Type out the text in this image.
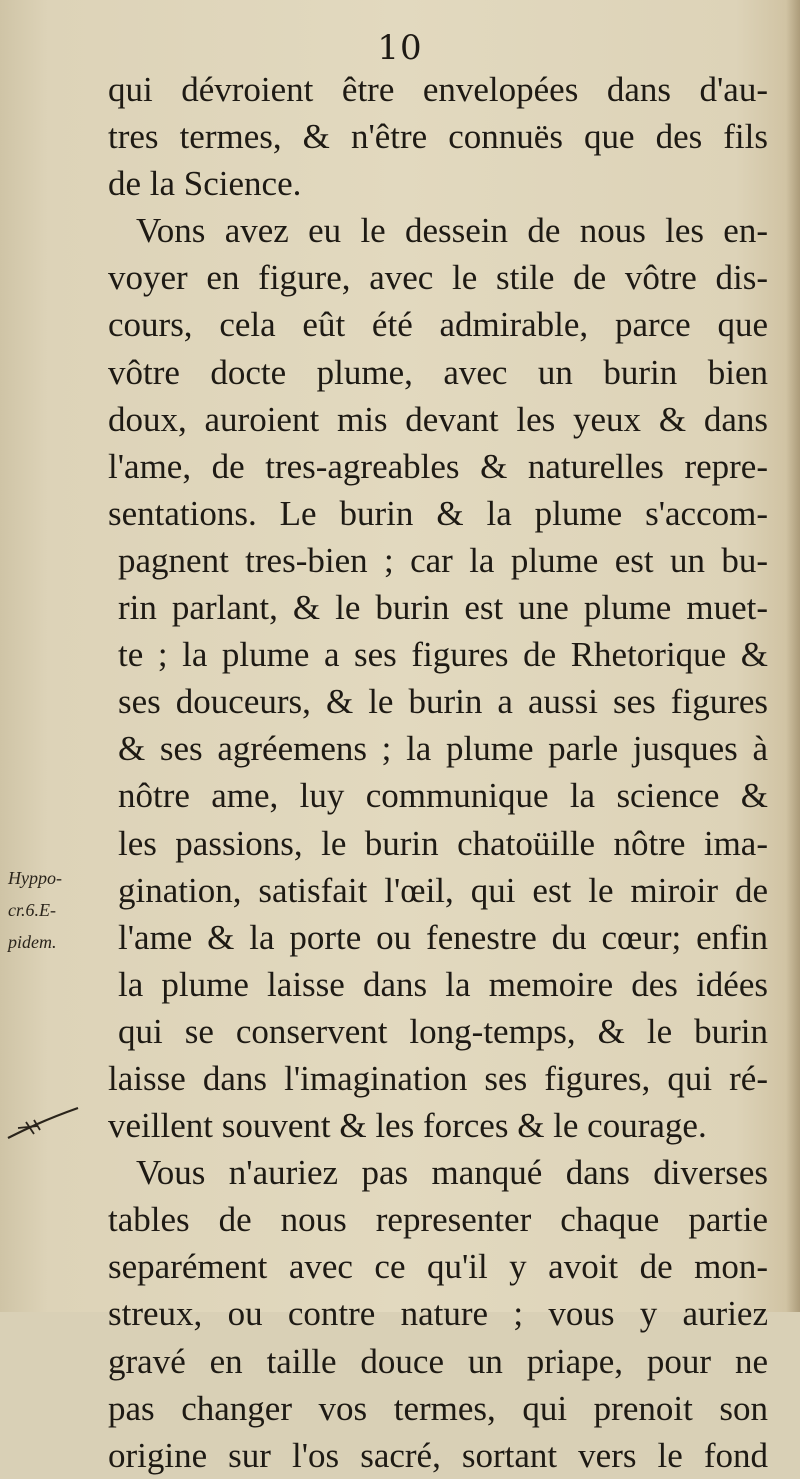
10
qui dévroient être envelopées dans d'au-
tres termes, & n'être connuës que des fils
de la Science.
Vons avez eu le dessein de nous les en-
voyer en figure, avec le stile de vôtre dis-
cours, cela eût été admirable, parce que
vôtre docte plume, avec un burin bien
doux, auroient mis devant les yeux & dans
l'ame, de tres-agreables & naturelles repre-
sentations. Le burin & la plume s'accom-
pagnent tres-bien ; car la plume est un bu-
rin parlant, & le burin est une plume muet-
te ; la plume a ses figures de Rhetorique &
ses douceurs, & le burin a aussi ses figures
& ses agréemens ; la plume parle jusques à
nôtre ame, luy communique la science &
les passions, le burin chatoüille nôtre ima-
gination, satisfait l'œil, qui est le miroir de
l'ame & la porte ou fenestre du cœur; enfin
la plume laisse dans la memoire des idées
qui se conservent long-temps, & le burin
laisse dans l'imagination ses figures, qui ré-
veillent souvent & les forces & le courage.
Vous n'auriez pas manqué dans diverses
tables de nous representer chaque partie
separément avec ce qu'il y avoit de mon-
streux, ou contre nature ; vous y auriez
gravé en taille douce un priape, pour ne
pas changer vos termes, qui prenoit son
origine sur l'os sacré, sortant vers le fond
Hyppo-
cr.6.E-
pidem.
